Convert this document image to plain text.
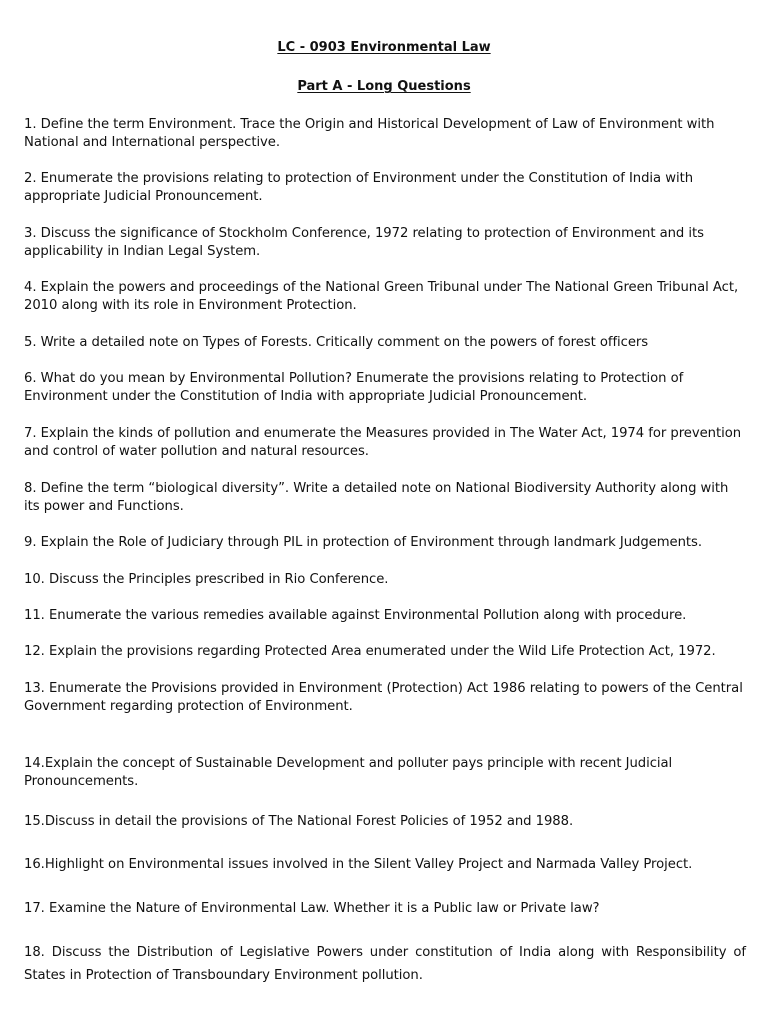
LC - 0903 Environmental Law
Part A - Long Questions

1. Define the term Environment. Trace the Origin and Historical Development of Law of Environment with National and International perspective.

2. Enumerate the provisions relating to protection of Environment under the Constitution of India with appropriate Judicial Pronouncement.

3. Discuss the significance of Stockholm Conference, 1972 relating to protection of Environment and its applicability in Indian Legal System.

4. Explain the powers and proceedings of the National Green Tribunal under The National Green Tribunal Act, 2010 along with its role in Environment Protection.

5. Write a detailed note on Types of Forests. Critically comment on the powers of forest officers

6. What do you mean by Environmental Pollution? Enumerate the provisions relating to Protection of Environment under the Constitution of India with appropriate Judicial Pronouncement.

7. Explain the kinds of pollution and enumerate the Measures provided in The Water Act, 1974 for prevention and control of water pollution and natural resources.

8. Define the term “biological diversity”. Write a detailed note on National Biodiversity Authority along with its power and Functions.

9. Explain the Role of Judiciary through PIL in protection of Environment through landmark Judgements.

10. Discuss the Principles prescribed in Rio Conference.

11. Enumerate the various remedies available against Environmental Pollution along with procedure.

12. Explain the provisions regarding Protected Area enumerated under the Wild Life Protection Act, 1972.

13. Enumerate the Provisions provided in Environment (Protection) Act 1986 relating to powers of the Central Government regarding protection of Environment.

14.Explain the concept of Sustainable Development and polluter pays principle with recent Judicial Pronouncements.

15.Discuss in detail the provisions of The National Forest Policies of 1952 and 1988.

16.Highlight on Environmental issues involved in the Silent Valley Project and Narmada Valley Project.

17. Examine the Nature of Environmental Law. Whether it is a Public law or Private law?

18. Discuss the Distribution of Legislative Powers under constitution of India along with Responsibility of States in Protection of Transboundary Environment pollution.
